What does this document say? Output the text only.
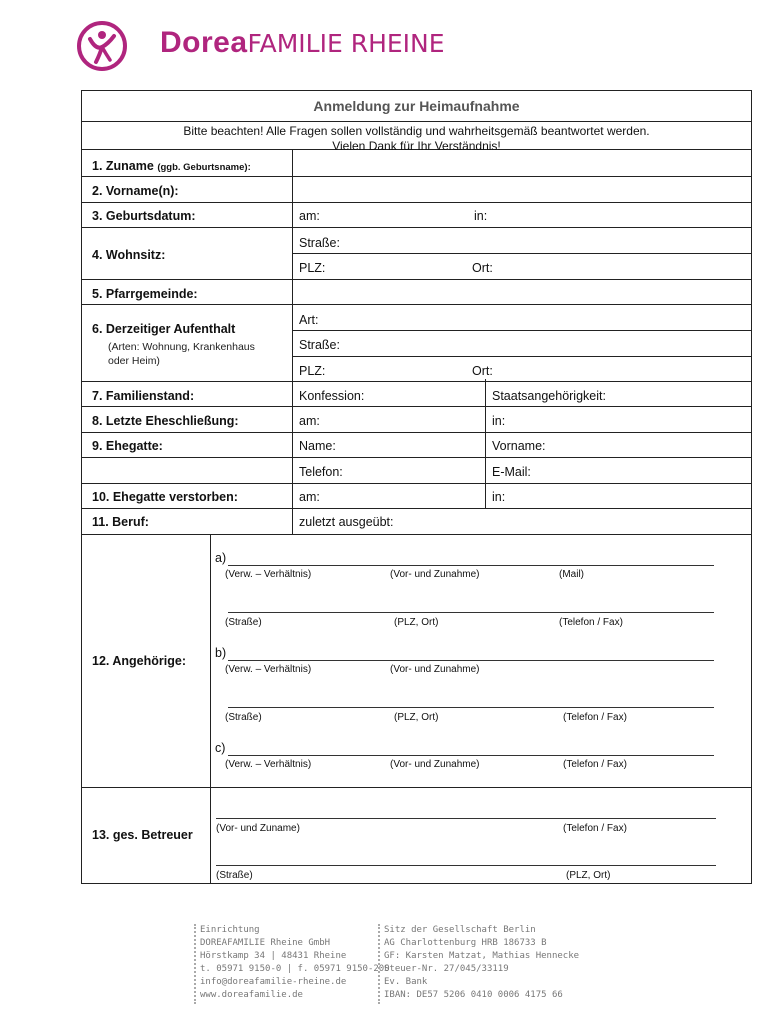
DoreaFAMILIE RHEINE
Anmeldung zur Heimaufnahme
Bitte beachten! Alle Fragen sollen vollständig und wahrheitsgemäß beantwortet werden.
Vielen Dank für Ihr Verständnis!
1. Zuname (ggb. Geburtsname):
2. Vorname(n):
3. Geburtsdatum:	am:	in:
4. Wohnsitz:
Straße:
PLZ:	Ort:
5. Pfarrgemeinde:
6. Derzeitiger Aufenthalt
(Arten: Wohnung, Krankenhaus
oder Heim)
Art:
Straße:
PLZ:	Ort:
7. Familienstand:	Konfession:	Staatsangehörigkeit:
8. Letzte Eheschließung:	am:	in:
9. Ehegatte:	Name:	Vorname:
Telefon:	E-Mail:
10. Ehegatte verstorben:	am:	in:
11. Beruf:	zuletzt ausgeübt:
12. Angehörige:
a)
(Verw. – Verhältnis)	(Vor- und Zunahme)	(Mail)
(Straße)	(PLZ, Ort)	(Telefon / Fax)
b)
(Verw. – Verhältnis)	(Vor- und Zunahme)
(Straße)	(PLZ, Ort)	(Telefon / Fax)
c)
(Verw. – Verhältnis)	(Vor- und Zunahme)	(Telefon / Fax)
13. ges. Betreuer (Vor- und Zuname)	(Telefon / Fax)
(Straße)	(PLZ, Ort)
Einrichtung
DOREAFAMILIE Rheine GmbH
Hörstkamp 34 | 48431 Rheine
t. 05971 9150-0 | f. 05971 9150-200
info@doreafamilie-rheine.de
www.doreafamilie.de
Sitz der Gesellschaft Berlin
AG Charlottenburg HRB 186733 B
GF: Karsten Matzat, Mathias Hennecke
Steuer-Nr. 27/045/33119
Ev. Bank
IBAN: DE57 5206 0410 0006 4175 66
